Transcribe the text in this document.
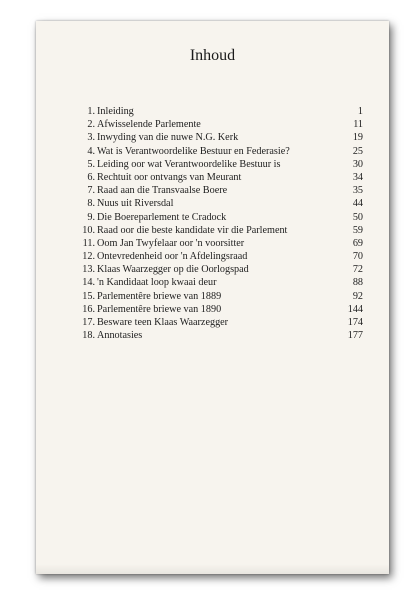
Inhoud
1. Inleiding	1
2. Afwisselende Parlemente	11
3. Inwyding van die nuwe N.G. Kerk	19
4. Wat is Verantwoordelike Bestuur en Federasie?	25
5. Leiding oor wat Verantwoordelike Bestuur is	30
6. Rechtuit oor ontvangs van Meurant	34
7. Raad aan die Transvaalse Boere	35
8. Nuus uit Riversdal	44
9. Die Boereparlement te Cradock	50
10. Raad oor die beste kandidate vir die Parlement	59
11. Oom Jan Twyfelaar oor 'n voorsitter	69
12. Ontevredenheid oor 'n Afdelingsraad	70
13. Klaas Waarzegger op die Oorlogspad	72
14. 'n Kandidaat loop kwaai deur	88
15. Parlementêre briewe van 1889	92
16. Parlementêre briewe van 1890	144
17. Besware teen Klaas Waarzegger	174
18. Annotasies	177
